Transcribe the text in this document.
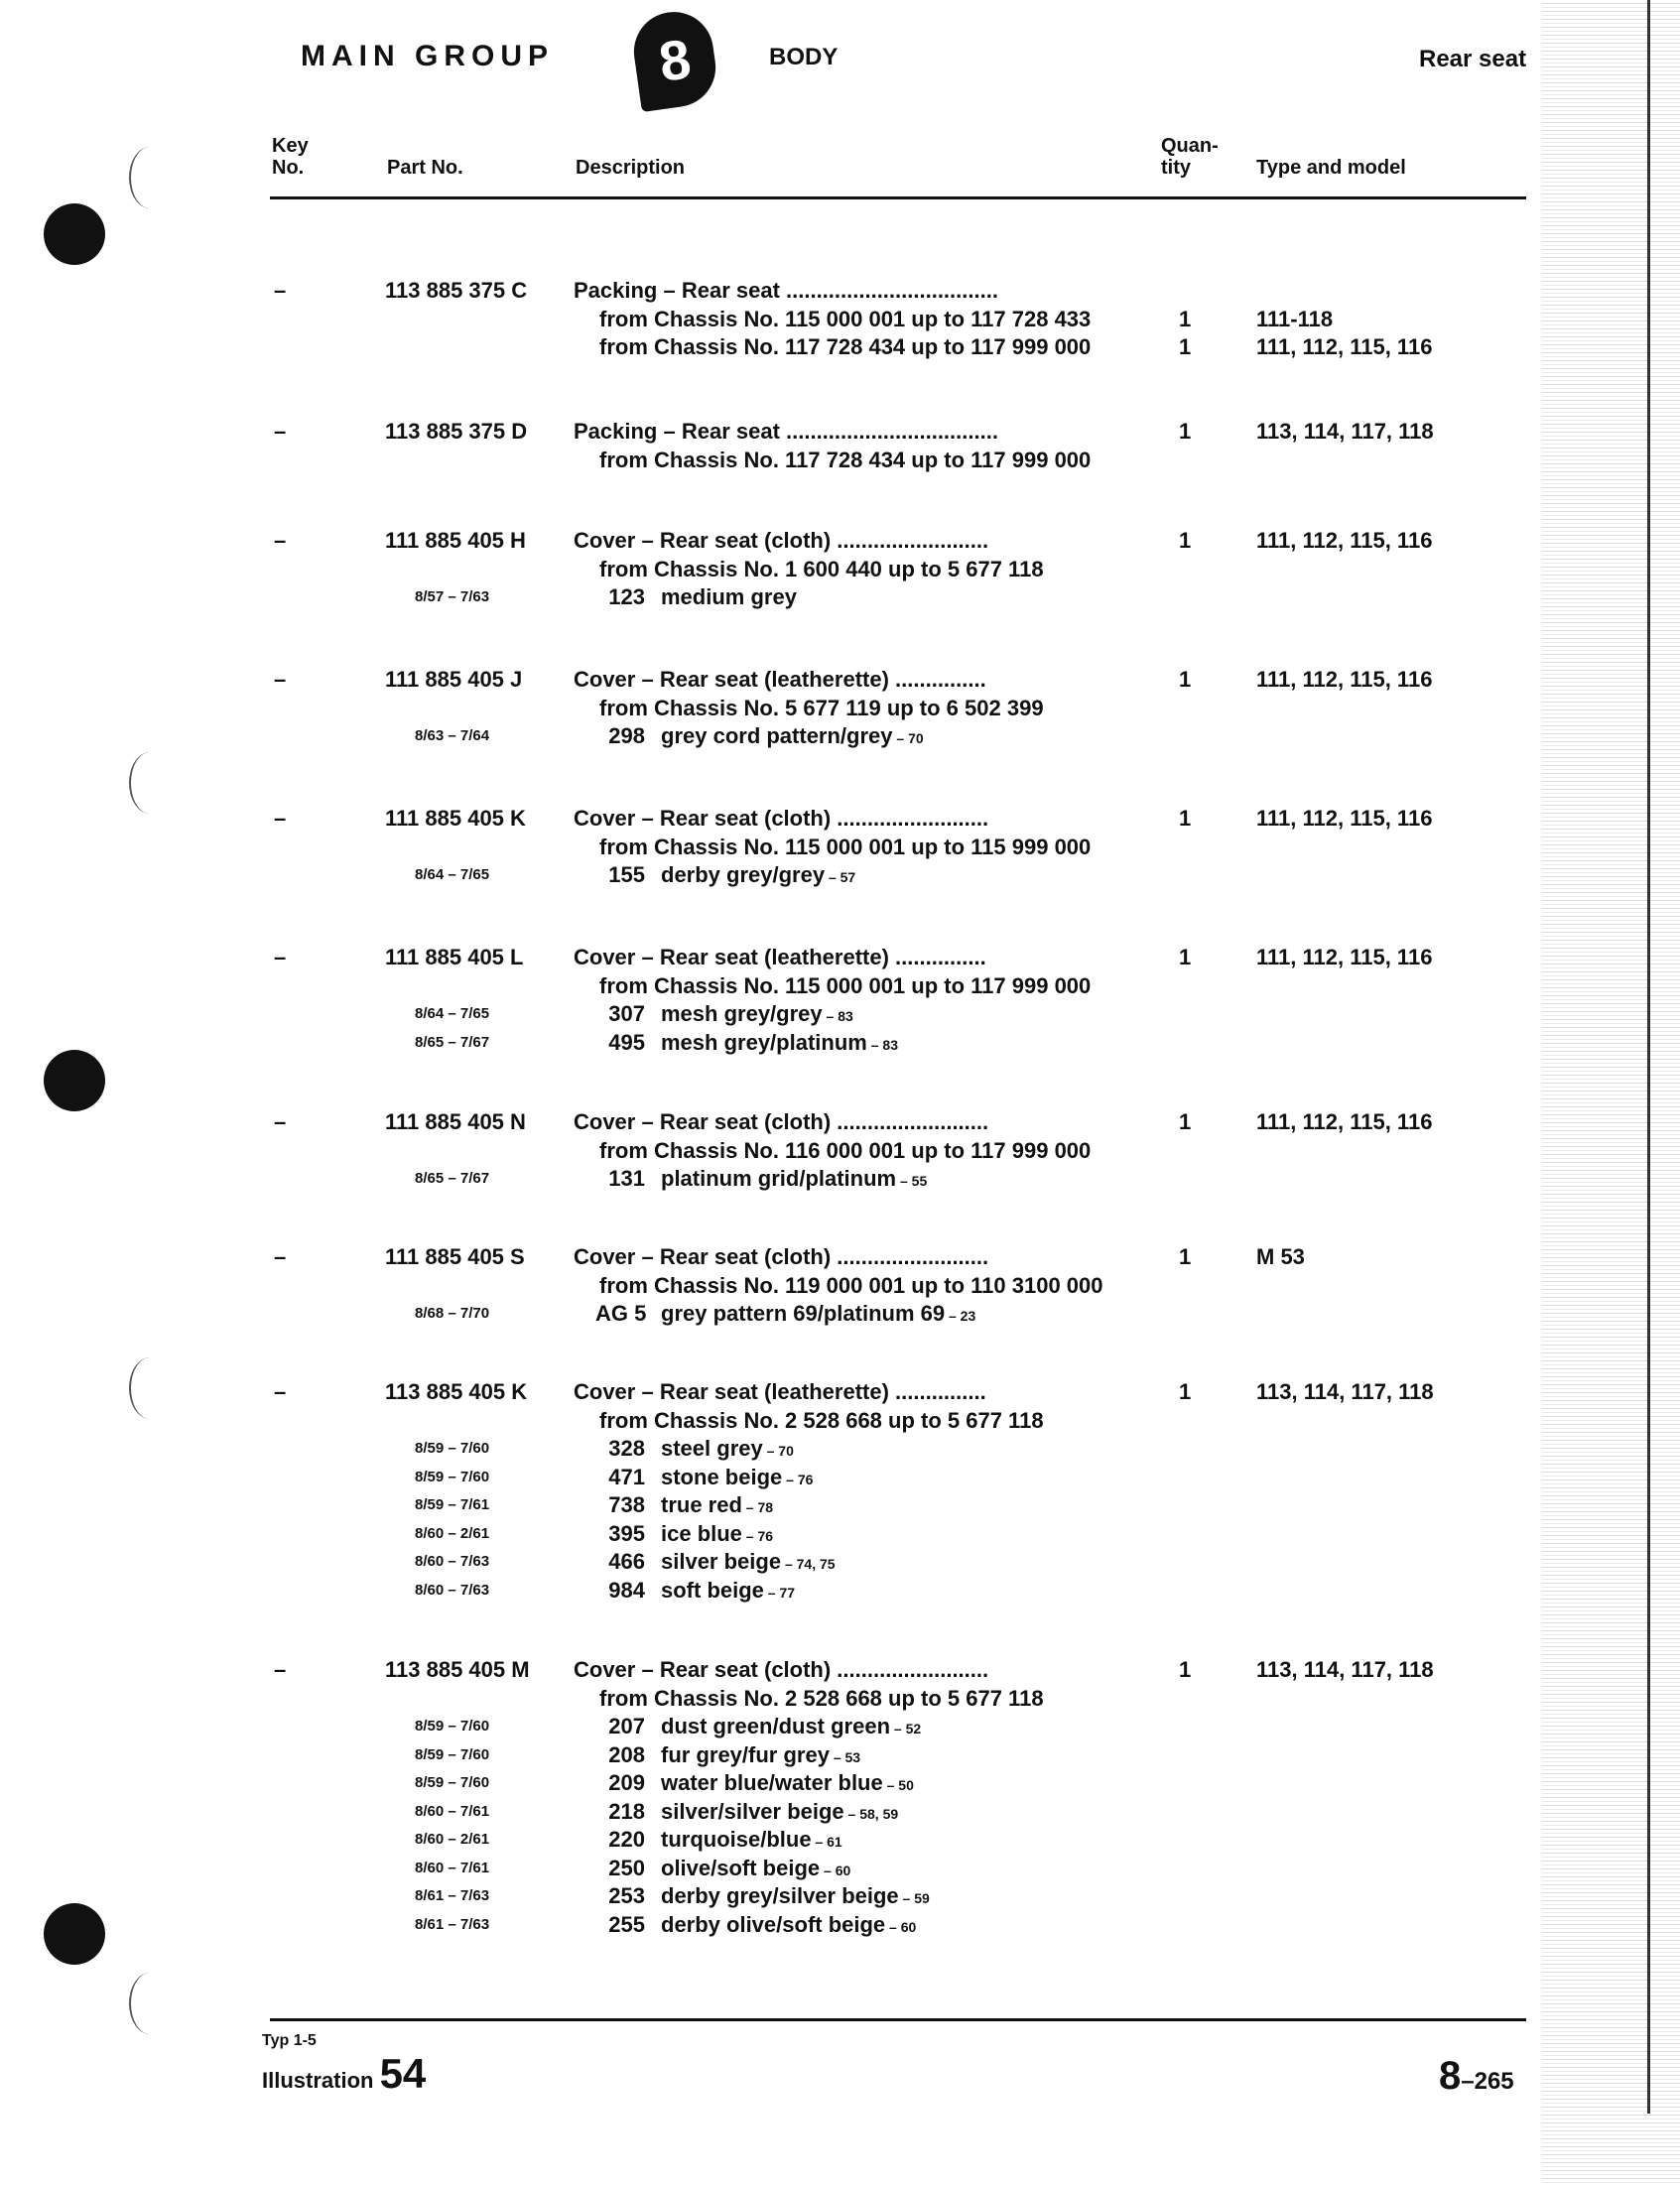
MAIN GROUP	8	BODY	Rear seat
Key
No.	Part No.	Description
Quan-
tity	Type and model
–	113 885 375 C Packing – Rear seat ...................................
from Chassis No. 115 000 001 up to 117 728 433	1	111-118
from Chassis No. 117 728 434 up to 117 999 000	1	111, 112, 115, 116
–	113 885 375 D Packing – Rear seat ...................................	1	113, 114, 117, 118
from Chassis No. 117 728 434 up to 117 999 000
–	111 885 405 H Cover – Rear seat (cloth) .........................	1	111, 112, 115, 116
from Chassis No. 1 600 440 up to 5 677 118
8/57 – 7/63	123 medium grey
–	111 885 405 J Cover – Rear seat (leatherette) ...............	1	111, 112, 115, 116
from Chassis No. 5 677 119 up to 6 502 399
8/63 – 7/64	298 grey cord pattern/grey – 70
–	111 885 405 K Cover – Rear seat (cloth) .........................	1	111, 112, 115, 116
from Chassis No. 115 000 001 up to 115 999 000
8/64 – 7/65	155 derby grey/grey – 57
–	111 885 405 L Cover – Rear seat (leatherette) ...............	1	111, 112, 115, 116
from Chassis No. 115 000 001 up to 117 999 000
8/64 – 7/65	307 mesh grey/grey – 83
8/65 – 7/67	495 mesh grey/platinum – 83
–	111 885 405 N Cover – Rear seat (cloth) .........................	1	111, 112, 115, 116
from Chassis No. 116 000 001 up to 117 999 000
8/65 – 7/67	131 platinum grid/platinum – 55
–	111 885 405 S Cover – Rear seat (cloth) .........................	1	M 53
from Chassis No. 119 000 001 up to 110 3100 000
8/68 – 7/70	AG 5 grey pattern 69/platinum 69 – 23
–	113 885 405 K Cover – Rear seat (leatherette) ...............	1	113, 114, 117, 118
from Chassis No. 2 528 668 up to 5 677 118
8/59 – 7/60	328 steel grey – 70
8/59 – 7/60	471 stone beige – 76
8/59 – 7/61	738 true red – 78
8/60 – 2/61	395 ice blue – 76
8/60 – 7/63	466 silver beige – 74, 75
8/60 – 7/63	984 soft beige – 77
–	113 885 405 M Cover – Rear seat (cloth) .........................	1	113, 114, 117, 118
from Chassis No. 2 528 668 up to 5 677 118
8/59 – 7/60	207 dust green/dust green – 52
8/59 – 7/60	208 fur grey/fur grey – 53
8/59 – 7/60	209 water blue/water blue – 50
8/60 – 7/61	218 silver/silver beige – 58, 59
8/60 – 2/61	220 turquoise/blue – 61
8/60 – 7/61	250 olive/soft beige – 60
8/61 – 7/63	253 derby grey/silver beige – 59
8/61 – 7/63	255 derby olive/soft beige – 60
Typ 1-5
Illustration 54	8–265
